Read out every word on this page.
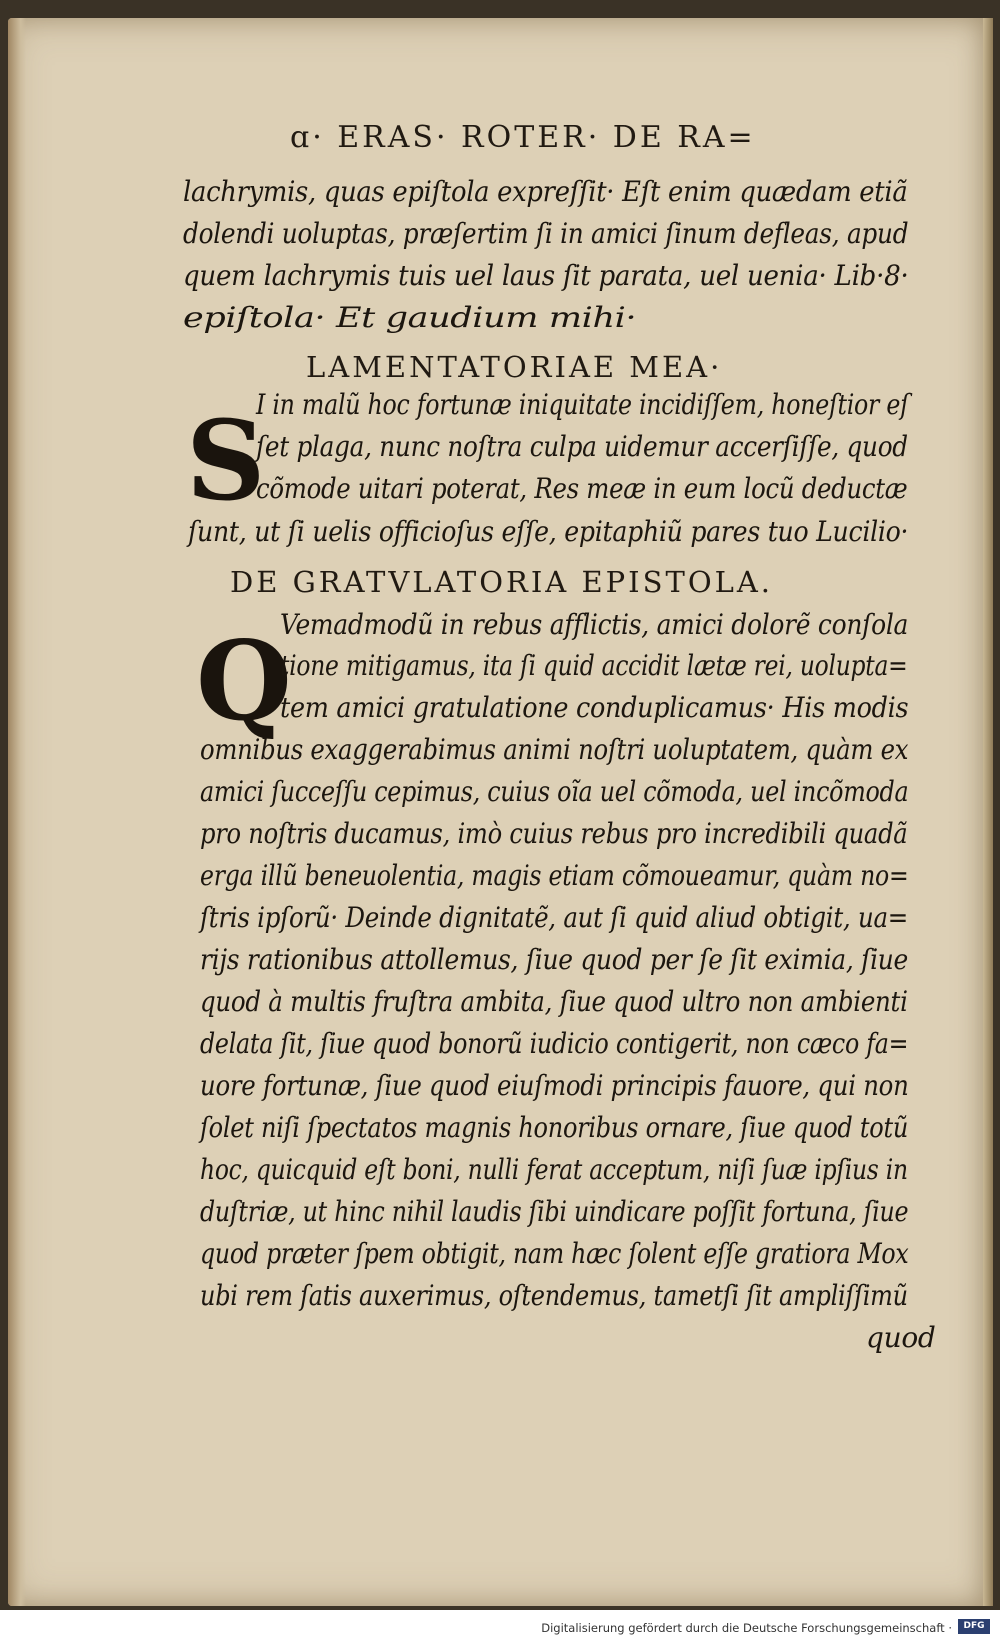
ɑ· ERAS· ROTER· DE RA=
lachrymis, quas epiſtola expreſſit· Eſt enim quædam etiã
dolendi uoluptas, præſertim ſi in amici ſinum defleas, apud
quem lachrymis tuis uel laus ſit parata, uel uenia· Lib·8·
epiſtola· Et gaudium mihi·
LAMENTATORIAE MEA·
S
I in malũ hoc fortunæ iniquitate incidiſſem, honeſtior eſ
ſet plaga, nunc noſtra culpa uidemur accerſiſſe, quod
cõmode uitari poterat, Res meæ in eum locũ deductæ
ſunt, ut ſi uelis officioſus eſſe, epitaphiũ pares tuo Lucilio·
DE GRATVLATORIA EPISTOLA.
Q
Vemadmodũ in rebus afflictis, amici dolorẽ conſola
tione mitigamus, ita ſi quid accidit lætæ rei, uolupta=
tem amici gratulatione conduplicamus· His modis
omnibus exaggerabimus animi noſtri uoluptatem, quàm ex
amici ſucceſſu cepimus, cuius oĩa uel cõmoda, uel incõmoda
pro noſtris ducamus, imò cuius rebus pro incredibili quadã
erga illũ beneuolentia, magis etiam cõmoueamur, quàm no=
ſtris ipſorũ· Deinde dignitatẽ, aut ſi quid aliud obtigit, ua=
rijs rationibus attollemus, ſiue quod per ſe ſit eximia, ſiue
quod à multis fruſtra ambita, ſiue quod ultro non ambienti
delata ſit, ſiue quod bonorũ iudicio contigerit, non cæco fa=
uore fortunæ, ſiue quod eiuſmodi principis fauore, qui non
ſolet niſi ſpectatos magnis honoribus ornare, ſiue quod totũ
hoc, quicquid eſt boni, nulli ferat acceptum, niſi ſuæ ipſius in
duſtriæ, ut hinc nihil laudis ſibi uindicare poſſit fortuna, ſiue
quod præter ſpem obtigit, nam hæc ſolent eſſe gratiora Mox
ubi rem ſatis auxerimus, oſtendemus, tametſi ſit ampliſſimũ
quod
Digitalisierung gefördert durch die Deutsche Forschungsgemeinschaft ·	DFG
